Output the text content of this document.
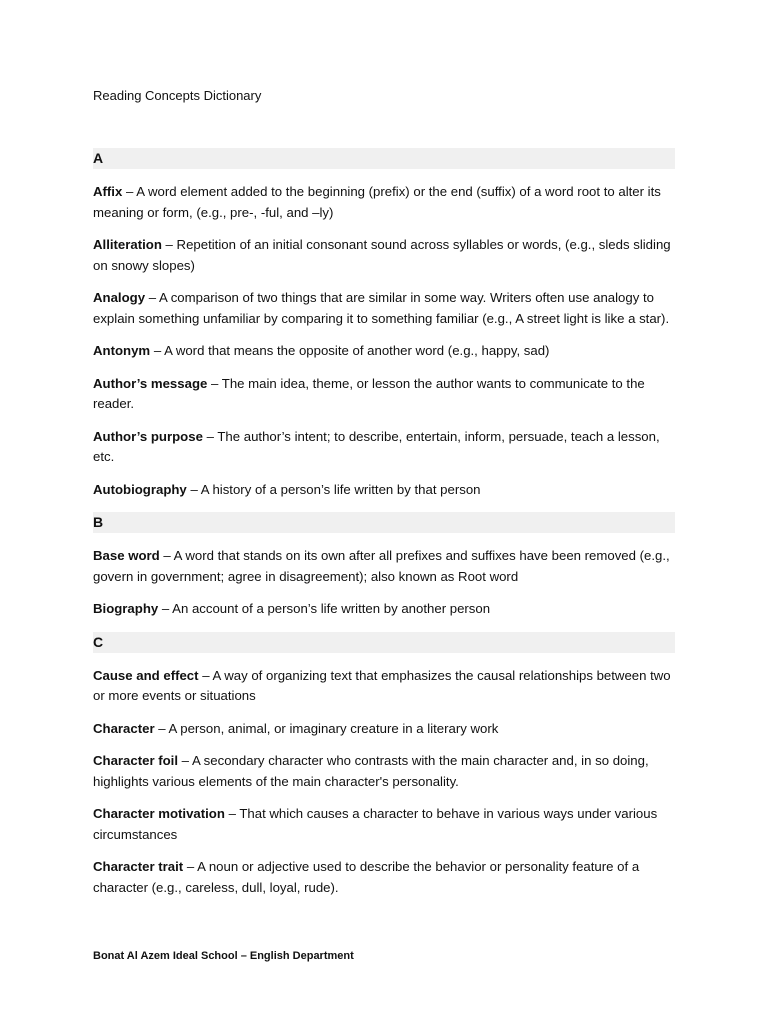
Reading Concepts Dictionary
A

Affix – A word element added to the beginning (prefix) or the end (suffix) of a word root to alter its meaning or form, (e.g., pre-, -ful, and –ly)

Alliteration – Repetition of an initial consonant sound across syllables or words, (e.g., sleds sliding on snowy slopes)

Analogy – A comparison of two things that are similar in some way. Writers often use analogy to explain something unfamiliar by comparing it to something familiar (e.g., A street light is like a star).

Antonym – A word that means the opposite of another word (e.g., happy, sad)

Author’s message – The main idea, theme, or lesson the author wants to communicate to the reader.

Author’s purpose – The author’s intent; to describe, entertain, inform, persuade, teach a lesson, etc.

Autobiography – A history of a person’s life written by that person

B

Base word – A word that stands on its own after all prefixes and suffixes have been removed (e.g., govern in government; agree in disagreement); also known as Root word

Biography – An account of a person’s life written by another person

C

Cause and effect – A way of organizing text that emphasizes the causal relationships between two or more events or situations

Character – A person, animal, or imaginary creature in a literary work

Character foil – A secondary character who contrasts with the main character and, in so doing, highlights various elements of the main character's personality.

Character motivation – That which causes a character to behave in various ways under various circumstances

Character trait – A noun or adjective used to describe the behavior or personality feature of a character (e.g., careless, dull, loyal, rude).

Bonat Al Azem Ideal School – English Department
